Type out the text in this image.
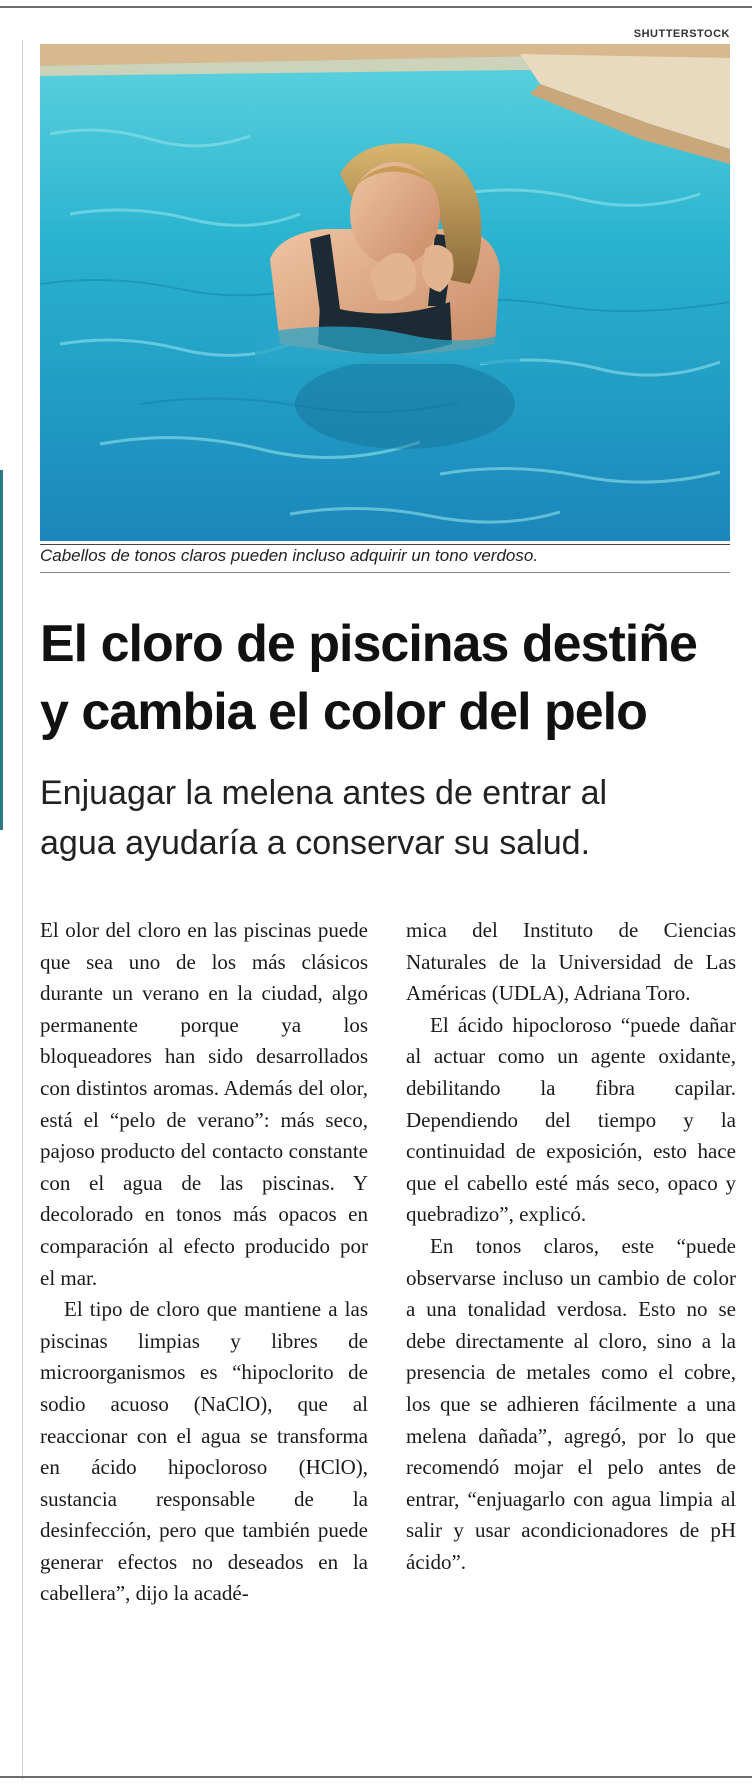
SHUTTERSTOCK
Cabellos de tonos claros pueden incluso adquirir un tono verdoso.
El cloro de piscinas destiñe
y cambia el color del pelo
Enjuagar la melena antes de entrar al
agua ayudaría a conservar su salud.

El olor del cloro en las piscinas puede que sea uno de los más clásicos durante un verano en la ciudad, algo permanente porque ya los bloqueadores han sido desarrollados con distintos aromas. Además del olor, está el “pelo de verano”: más seco, pajoso producto del contacto constante con el agua de las piscinas. Y decolorado en tonos más opacos en comparación al efecto producido por el mar.

El tipo de cloro que mantiene a las piscinas limpias y libres de microorganismos es “hipoclorito de sodio acuoso (NaClO), que al reaccionar con el agua se transforma en ácido hipocloroso (HClO), sustancia responsable de la desinfección, pero que también puede generar efectos no deseados en la cabellera”, dijo la acadé-

mica del Instituto de Ciencias Naturales de la Universidad de Las Américas (UDLA), Adriana Toro.

El ácido hipocloroso “puede dañar al actuar como un agente oxidante, debilitando la fibra capilar. Dependiendo del tiempo y la continuidad de exposición, esto hace que el cabello esté más seco, opaco y quebradizo”, explicó.

En tonos claros, este “puede observarse incluso un cambio de color a una tonalidad verdosa. Esto no se debe directamente al cloro, sino a la presencia de metales como el cobre, los que se adhieren fácilmente a una melena dañada”, agregó, por lo que recomendó mojar el pelo antes de entrar, “enjuagarlo con agua limpia al salir y usar acondicionadores de pH ácido”.
